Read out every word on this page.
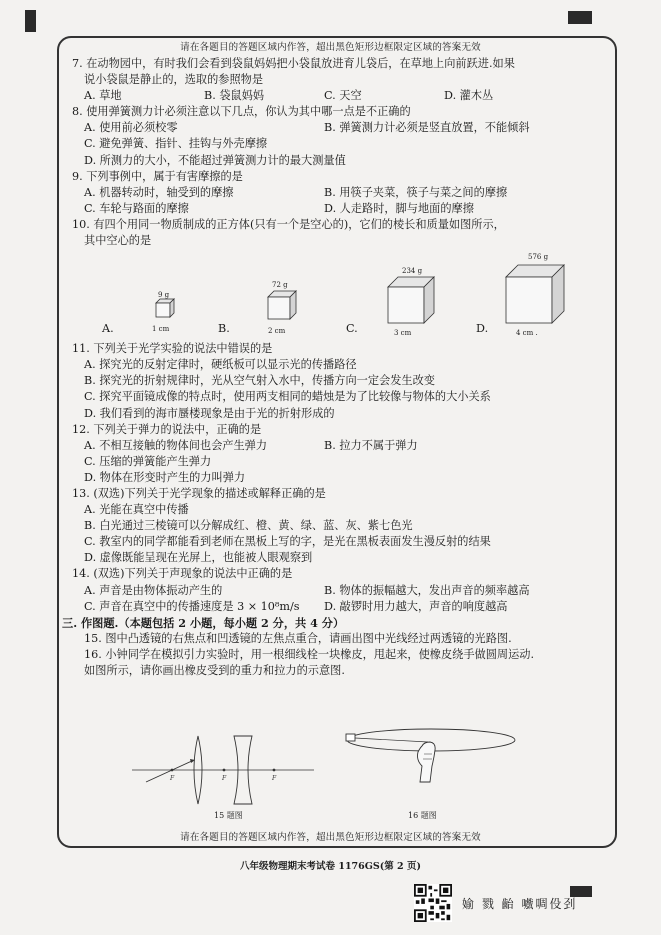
请在各题目的答题区域内作答，超出黑色矩形边框限定区域的答案无效
7. 在动物园中，有时我们会看到袋鼠妈妈把小袋鼠放进育儿袋后，在草地上向前跃进.如果
说小袋鼠是静止的，选取的参照物是
A. 草地	B. 袋鼠妈妈	C. 天空	D. 灌木丛
8. 使用弹簧测力计必须注意以下几点，你认为其中哪一点是不正确的
A. 使用前必须校零	B. 弹簧测力计必须是竖直放置，不能倾斜
C. 避免弹簧、指针、挂钩与外壳摩擦
D. 所测力的大小，不能超过弹簧测力计的最大测量值
9. 下列事例中，属于有害摩擦的是
A. 机器转动时，轴受到的摩擦	B. 用筷子夹菜，筷子与菜之间的摩擦
C. 车轮与路面的摩擦	D. 人走路时，脚与地面的摩擦
10. 有四个用同一物质制成的正方体(只有一个是空心的)，它们的棱长和质量如图所示，
其中空心的是
A.
9 g
1 cm	B.
72 g
2 cm	C.
234 g
3 cm	D.
576 g
4 cm .
11. 下列关于光学实验的说法中错误的是
A. 探究光的反射定律时，硬纸板可以显示光的传播路径
B. 探究光的折射规律时，光从空气射入水中，传播方向一定会发生改变
C. 探究平面镜成像的特点时，使用两支相同的蜡烛是为了比较像与物体的大小关系
D. 我们看到的海市蜃楼现象是由于光的折射形成的
12. 下列关于弹力的说法中，正确的是
A. 不相互接触的物体间也会产生弹力	B. 拉力不属于弹力
C. 压缩的弹簧能产生弹力
D. 物体在形变时产生的力叫弹力
13. (双选)下列关于光学现象的描述或解释正确的是
A. 光能在真空中传播
B. 白光通过三棱镜可以分解成红、橙、黄、绿、蓝、灰、紫七色光
C. 教室内的同学都能看到老师在黑板上写的字，是光在黑板表面发生漫反射的结果
D. 虚像既能呈现在光屏上，也能被人眼观察到
14. (双选)下列关于声现象的说法中正确的是
A. 声音是由物体振动产生的	B. 物体的振幅越大，发出声音的频率越高
C. 声音在真空中的传播速度是 3 × 10⁸m/s D. 敲锣时用力越大，声音的响度越高
三. 作图题.（本题包括 2 小题，每小题 2 分，共 4 分）
15. 图中凸透镜的右焦点和凹透镜的左焦点重合，请画出图中光线经过两透镜的光路图.
16. 小钟同学在模拟引力实验时，用一根细线栓一块橡皮，甩起来，使橡皮绕手做圆周运动.
如图所示，请你画出橡皮受到的重力和拉力的示意图.
F	F	F
15 题图	16 题图
请在各题目的答题区域内作答，超出黑色矩形边框限定区域的答案无效
八年级物理期末考试卷 1176GS(第 2 页)
媮 戮 齝 嚱啁伇刭
